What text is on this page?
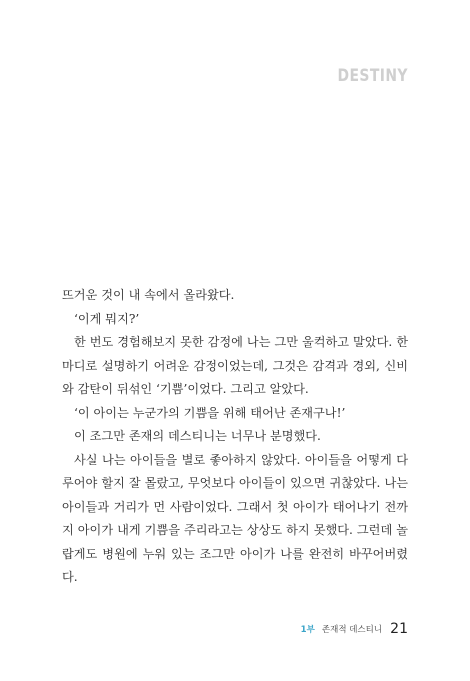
DESTINY

뜨거운 것이 내 속에서 올라왔다.

‘이게 뭐지?’

한 번도 경험해보지 못한 감정에 나는 그만 울컥하고 말았다. 한마디로 설명하기 어려운 감정이었는데, 그것은 감격과 경외, 신비와 감탄이 뒤섞인 ‘기쁨’이었다. 그리고 알았다.

‘이 아이는 누군가의 기쁨을 위해 태어난 존재구나!’

이 조그만 존재의 데스티니는 너무나 분명했다.

사실 나는 아이들을 별로 좋아하지 않았다. 아이들을 어떻게 다루어야 할지 잘 몰랐고, 무엇보다 아이들이 있으면 귀찮았다. 나는 아이들과 거리가 먼 사람이었다. 그래서 첫 아이가 태어나기 전까지 아이가 내게 기쁨을 주리라고는 상상도 하지 못했다. 그런데 놀랍게도 병원에 누워 있는 조그만 아이가 나를 완전히 바꾸어버렸다.

1부 존재적 데스티니 21
